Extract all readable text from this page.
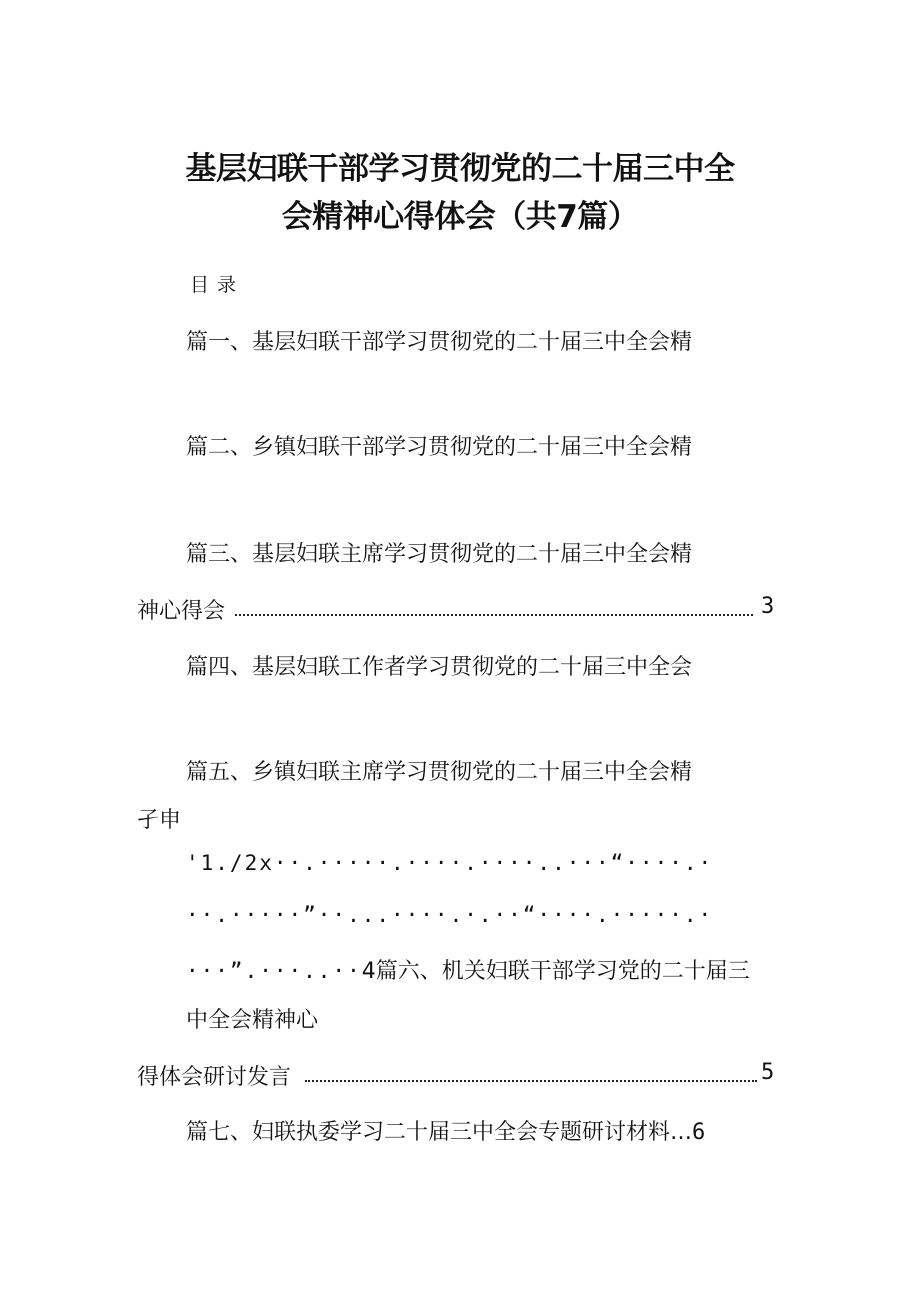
基层妇联干部学习贯彻党的二十届三中全
会精神心得体会（共7篇）
目录
篇一、基层妇联干部学习贯彻党的二十届三中全会精
篇二、乡镇妇联干部学习贯彻党的二十届三中全会精
篇三、基层妇联主席学习贯彻党的二十届三中全会精
神心得会	3
篇四、基层妇联工作者学习贯彻党的二十届三中全会
篇五、乡镇妇联主席学习贯彻党的二十届三中全会精
孑申
'1./2x··.·····.····.····..···“····.·
··.·····”··...····.·.··“····.·····.·
···”.···..··4篇六、机关妇联干部学习党的二十届三
中全会精神心
得体会研讨发言	5
篇七、妇联执委学习二十届三中全会专题研讨材料…6
